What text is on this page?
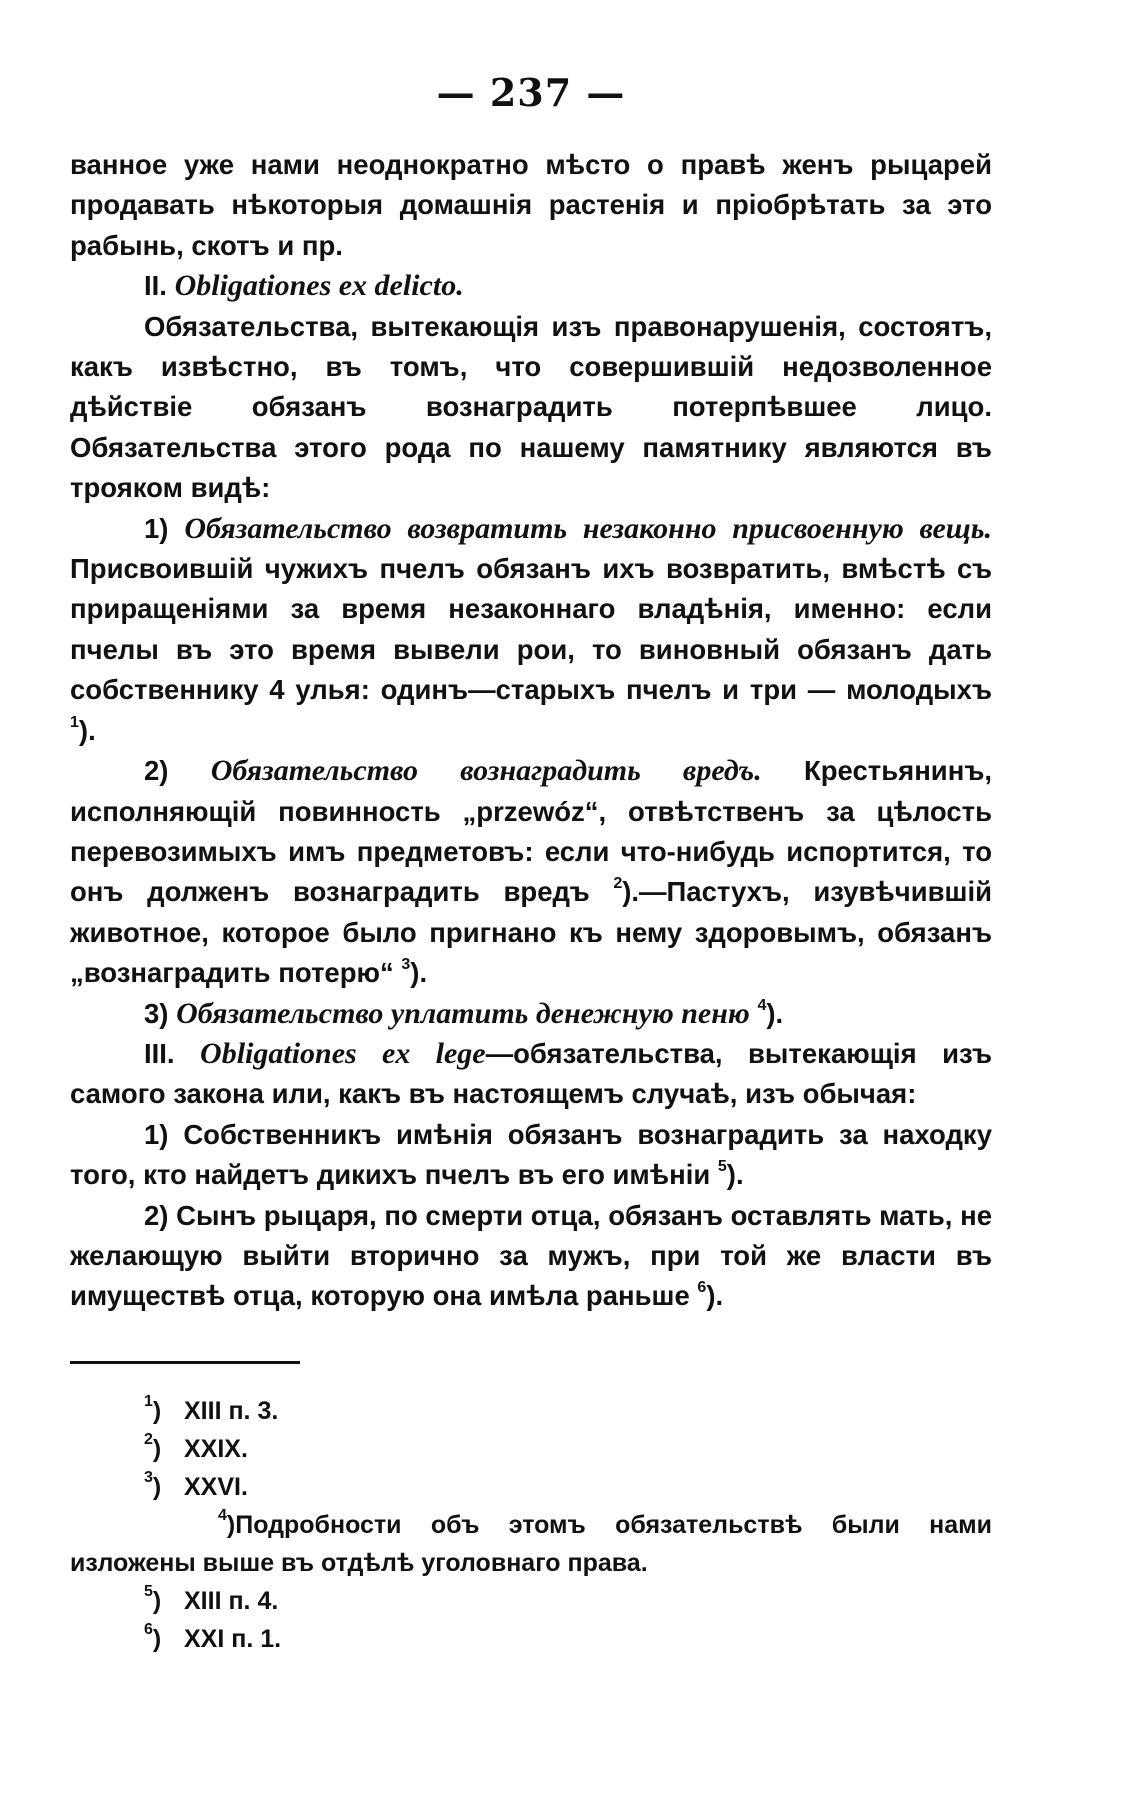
— 237 —

ванное уже нами неоднократно мѣсто о правѣ женъ рыцарей продавать нѣкоторыя домашнія растенія и пріобрѣтать за это рабынь, скотъ и пр.

II. Obligationes ex delicto.

Обязательства, вытекающія изъ правонарушенія, состоятъ, какъ извѣстно, въ томъ, что совершившій недозволенное дѣйствіе обязанъ вознаградить потерпѣвшее лицо. Обязательства этого рода по нашему памятнику являются въ трояком видѣ:

1) Обязательство возвратить незаконно присвоенную вещь. Присвоившій чужихъ пчелъ обязанъ ихъ возвратить, вмѣстѣ съ приращеніями за время незаконнаго владѣнія, именно: если пчелы въ это время вывели рои, то виновный обязанъ дать собственнику 4 улья: одинъ—старыхъ пчелъ и три — молодыхъ $^1$).

2) Обязательство вознаградить вредъ. Крестьянинъ, исполняющій повинность „przewóz“, отвѣтственъ за цѣлость перевозимыхъ имъ предметовъ: если что-нибудь испортится, то онъ долженъ вознаградить вредъ $^2$).—Пастухъ, изувѣчившій животное, которое было пригнано къ нему здоровымъ, обязанъ „вознаградить потерю“ $^3$).

3) Обязательство уплатить денежную пеню $^4$).

III. Obligationes ex lege—обязательства, вытекающія изъ самого закона или, какъ въ настоящемъ случаѣ, изъ обычая:

1) Собственникъ имѣнія обязанъ вознаградить за находку того, кто найдетъ дикихъ пчелъ въ его имѣніи $^5$).

2) Сынъ рыцаря, по смерти отца, обязанъ оставлять мать, не желающую выйти вторично за мужъ, при той же власти въ имуществѣ отца, которую она имѣла раньше $^6$).

$^1$) XIII п. 3.

$^2$) XXIX.

$^3$) XXVI.

$^4$)Подробности объ этомъ обязательствѣ были нами изложены выше въ отдѣлѣ уголовнаго права.

$^5$) XIII п. 4.

$^6$) XXI п. 1.
